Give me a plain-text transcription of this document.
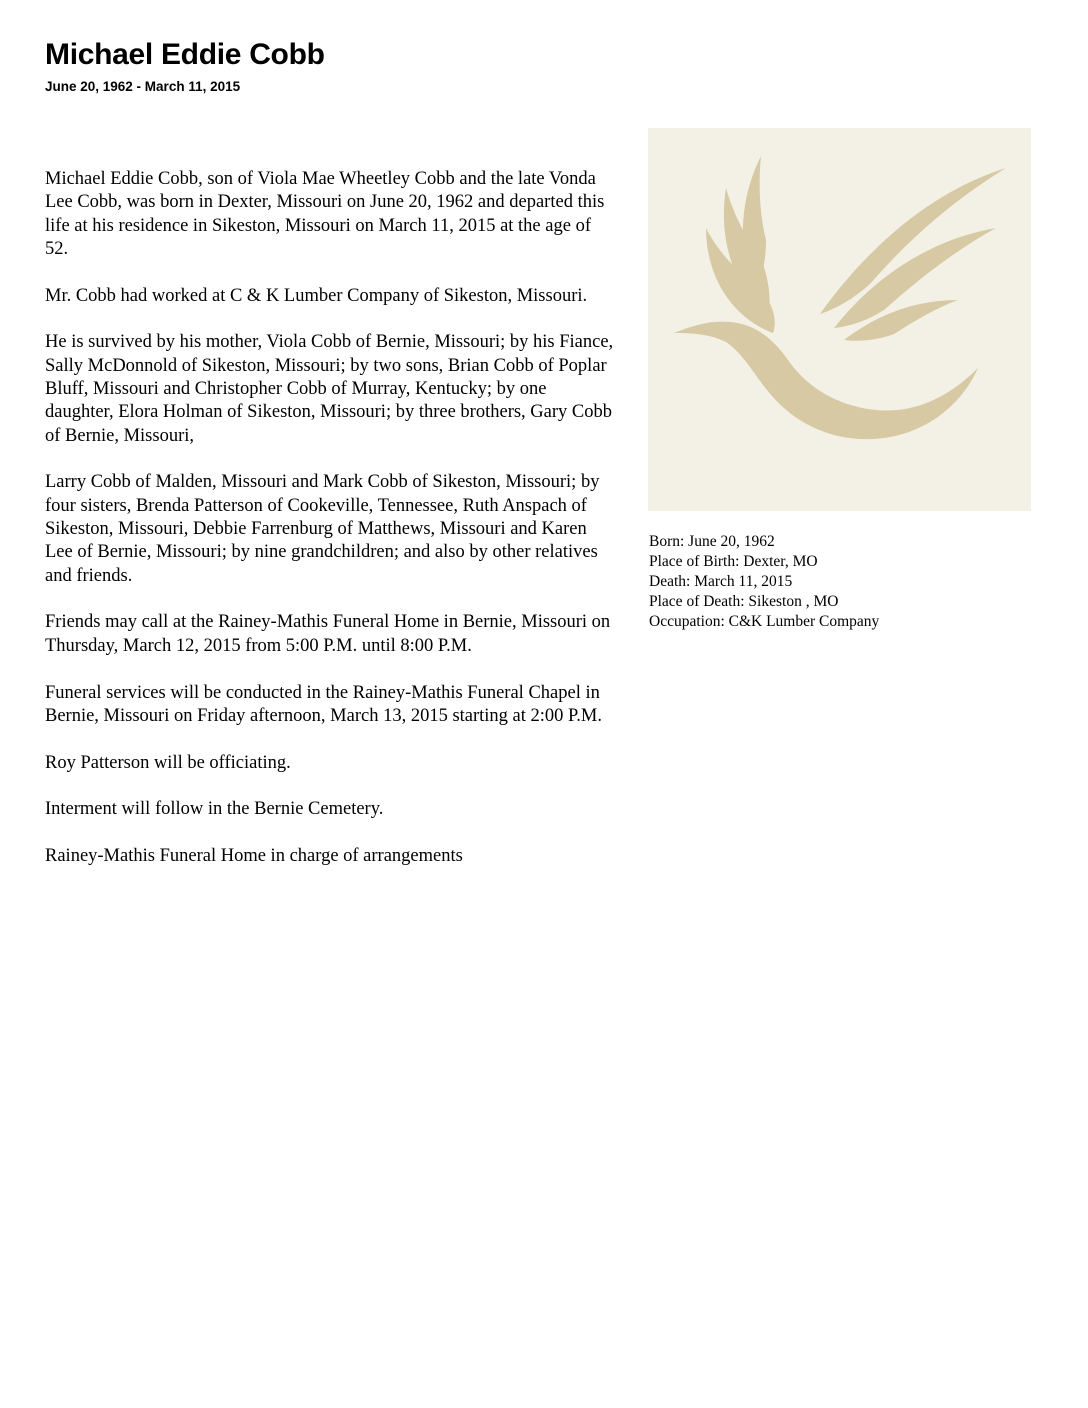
Michael Eddie Cobb
June 20, 1962 - March 11, 2015

Michael Eddie Cobb, son of Viola Mae Wheetley Cobb and the late Vonda Lee Cobb, was born in Dexter, Missouri on June 20, 1962 and departed this life at his residence in Sikeston, Missouri on March 11, 2015 at the age of 52.

Mr. Cobb had worked at C & K Lumber Company of Sikeston, Missouri.

He is survived by his mother, Viola Cobb of Bernie, Missouri; by his Fiance, Sally McDonnold of Sikeston, Missouri; by two sons, Brian Cobb of Poplar Bluff, Missouri and Christopher Cobb of Murray, Kentucky; by one daughter, Elora Holman of Sikeston, Missouri; by three brothers, Gary Cobb of Bernie, Missouri,

Larry Cobb of Malden, Missouri and Mark Cobb of Sikeston, Missouri; by four sisters, Brenda Patterson of Cookeville, Tennessee, Ruth Anspach of Sikeston, Missouri, Debbie Farrenburg of Matthews, Missouri and Karen Lee of Bernie, Missouri; by nine grandchildren; and also by other relatives and friends.

Friends may call at the Rainey-Mathis Funeral Home in Bernie, Missouri on Thursday, March 12, 2015 from 5:00 P.M. until 8:00 P.M.

Funeral services will be conducted in the Rainey-Mathis Funeral Chapel in Bernie, Missouri on Friday afternoon, March 13, 2015 starting at 2:00 P.M.

Roy Patterson will be officiating.

Interment will follow in the Bernie Cemetery.

Rainey-Mathis Funeral Home in charge of arrangements

Born: June 20, 1962
Place of Birth: Dexter, MO
Death: March 11, 2015
Place of Death: Sikeston , MO
Occupation: C&K Lumber Company
